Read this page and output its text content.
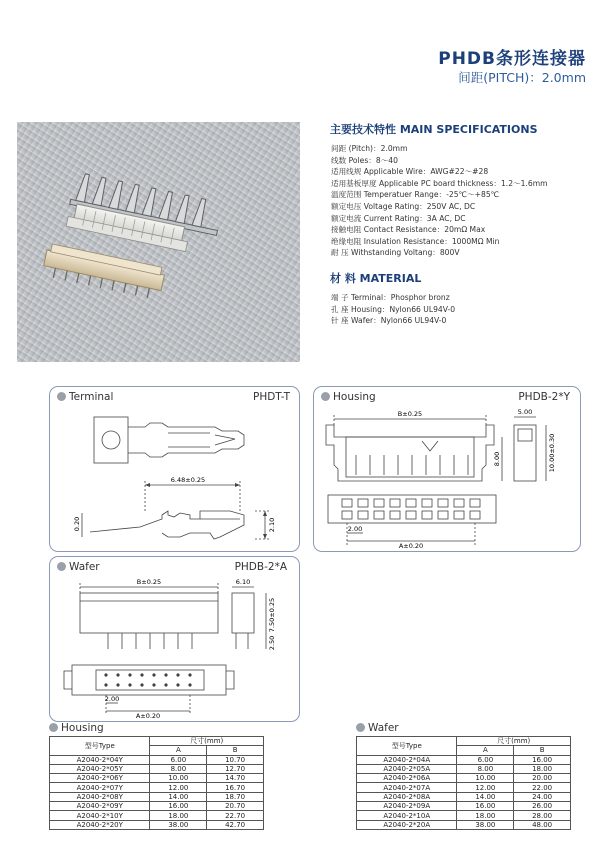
PHDB条形连接器
间距(PITCH)：2.0mm
主要技术特性 MAIN SPECIFICATIONS
间距 (Pitch)：2.0mm
线数 Poles：8～40
适用线规 Applicable Wire：AWG#22～#28
适用基板厚度 Applicable PC board thickness：1.2～1.6mm
温度范围 Temperatuer Range：-25℃～+85℃
额定电压 Voltage Rating：250V AC, DC
额定电流 Current Rating：3A AC, DC
接触电阻 Contact Resistance：20mΩ Max
绝缘电阻 Insulation Resistance：1000MΩ Min
耐 压 Withstanding Voltang：800V
材 料 MATERIAL
端 子 Terminal：Phosphor bronz
孔 座 Housing：Nylon66 UL94V-0
针 座 Wafer：Nylon66 UL94V-0
Terminal	PHDT-T
6.48±0.25
0.20	2.10
Housing	PHDB-2*Y
B±0.25	5.00
8.00	10.00±0.30
2.00
A±0.20
Wafer	PHDB-2*A
B±0.25	6.10
7.50±0.25
2.50
2.00
A±0.20
Housing
型号Type	尺寸(mm)	
	A	B
A2040-2*04Y	6.00	10.70
A2040-2*05Y	8.00	12.70
A2040-2*06Y	10.00	14.70
A2040-2*07Y	12.00	16.70
A2040-2*08Y	14.00	18.70
A2040-2*09Y	16.00	20.70
A2040-2*10Y	18.00	22.70
A2040-2*20Y	38.00	42.70
Wafer
型号Type	尺寸(mm)	
	A	B
A2040-2*04A	6.00	16.00
A2040-2*05A	8.00	18.00
A2040-2*06A	10.00	20.00
A2040-2*07A	12.00	22.00
A2040-2*08A	14.00	24.00
A2040-2*09A	16.00	26.00
A2040-2*10A	18.00	28.00
A2040-2*20A	38.00	48.00
